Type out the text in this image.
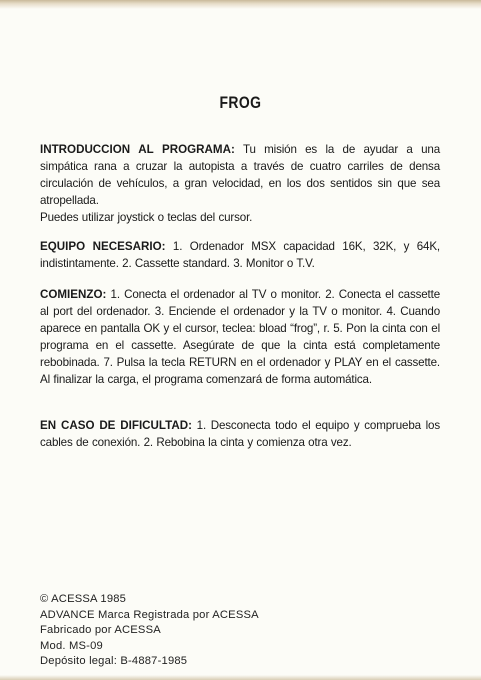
FROG

INTRODUCCION AL PROGRAMA: Tu misión es la de ayudar a una simpática rana a cruzar la autopista a través de cuatro carriles de densa circulación de vehículos, a gran velocidad, en los dos sentidos sin que sea atropellada.

Puedes utilizar joystick o teclas del cursor.

EQUIPO NECESARIO: 1. Ordenador MSX capacidad 16K, 32K, y 64K, indistintamente. 2. Cassette standard. 3. Monitor o T.V.

COMIENZO: 1. Conecta el ordenador al TV o monitor. 2. Conecta el cassette al port del ordenador. 3. Enciende el ordenador y la TV o monitor. 4. Cuando aparece en pantalla OK y el cursor, teclea: bload “frog”, r. 5. Pon la cinta con el programa en el cassette. Asegúrate de que la cinta está completamente rebobinada. 7. Pulsa la tecla RETURN en el ordenador y PLAY en el cassette. Al finalizar la carga, el programa comenzará de forma automática.

EN CASO DE DIFICULTAD: 1. Desconecta todo el equipo y comprueba los cables de conexión. 2. Rebobina la cinta y comienza otra vez.

© ACESSA 1985
ADVANCE Marca Registrada por ACESSA
Fabricado por ACESSA
Mod. MS-09
Depósito legal: B-4887-1985
